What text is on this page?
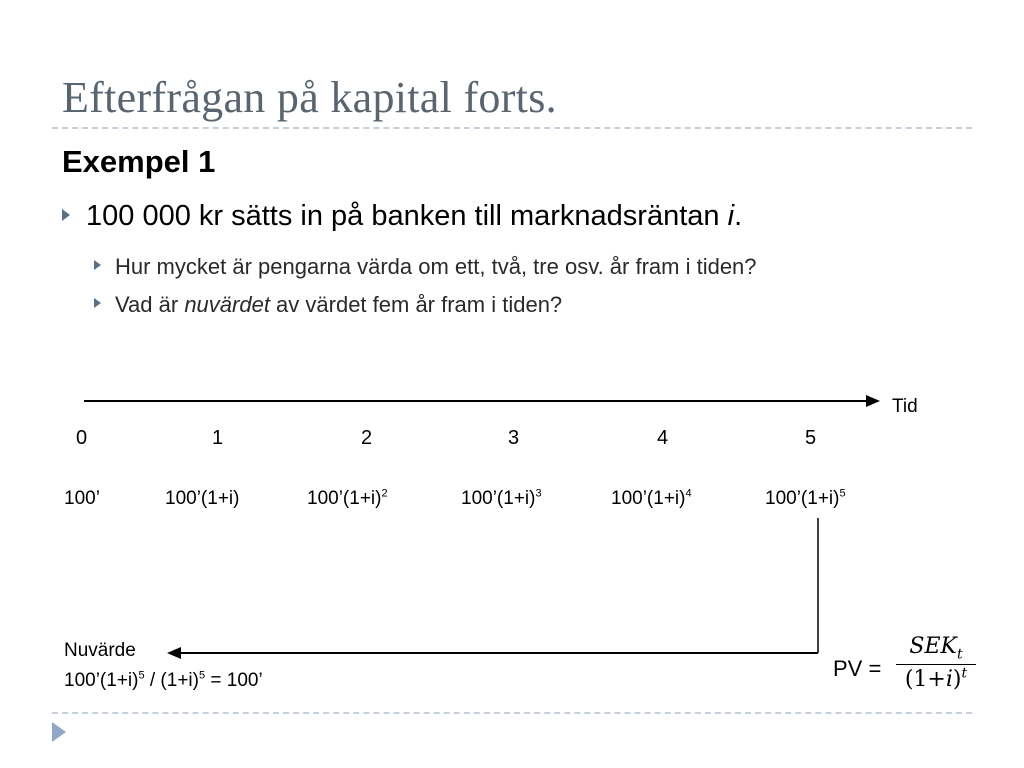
Efterfrågan på kapital forts.
Exempel 1
100 000 kr sätts in på banken till marknadsräntan i.
Hur mycket är pengarna värda om ett, två, tre osv. år fram i tiden?
Vad är nuvärdet av värdet fem år fram i tiden?
Tid
0	1	2	3	4	5
100’	100’(1+i)	$100’(1+i)^2$	$100’(1+i)^3$	$100’(1+i)^4$	$100’(1+i)^5$
Nuvärde
$100’(1+i)^5 / (1+i)^5 = 100$’	PV =
$SEK_t$
$(1+i)^t$
